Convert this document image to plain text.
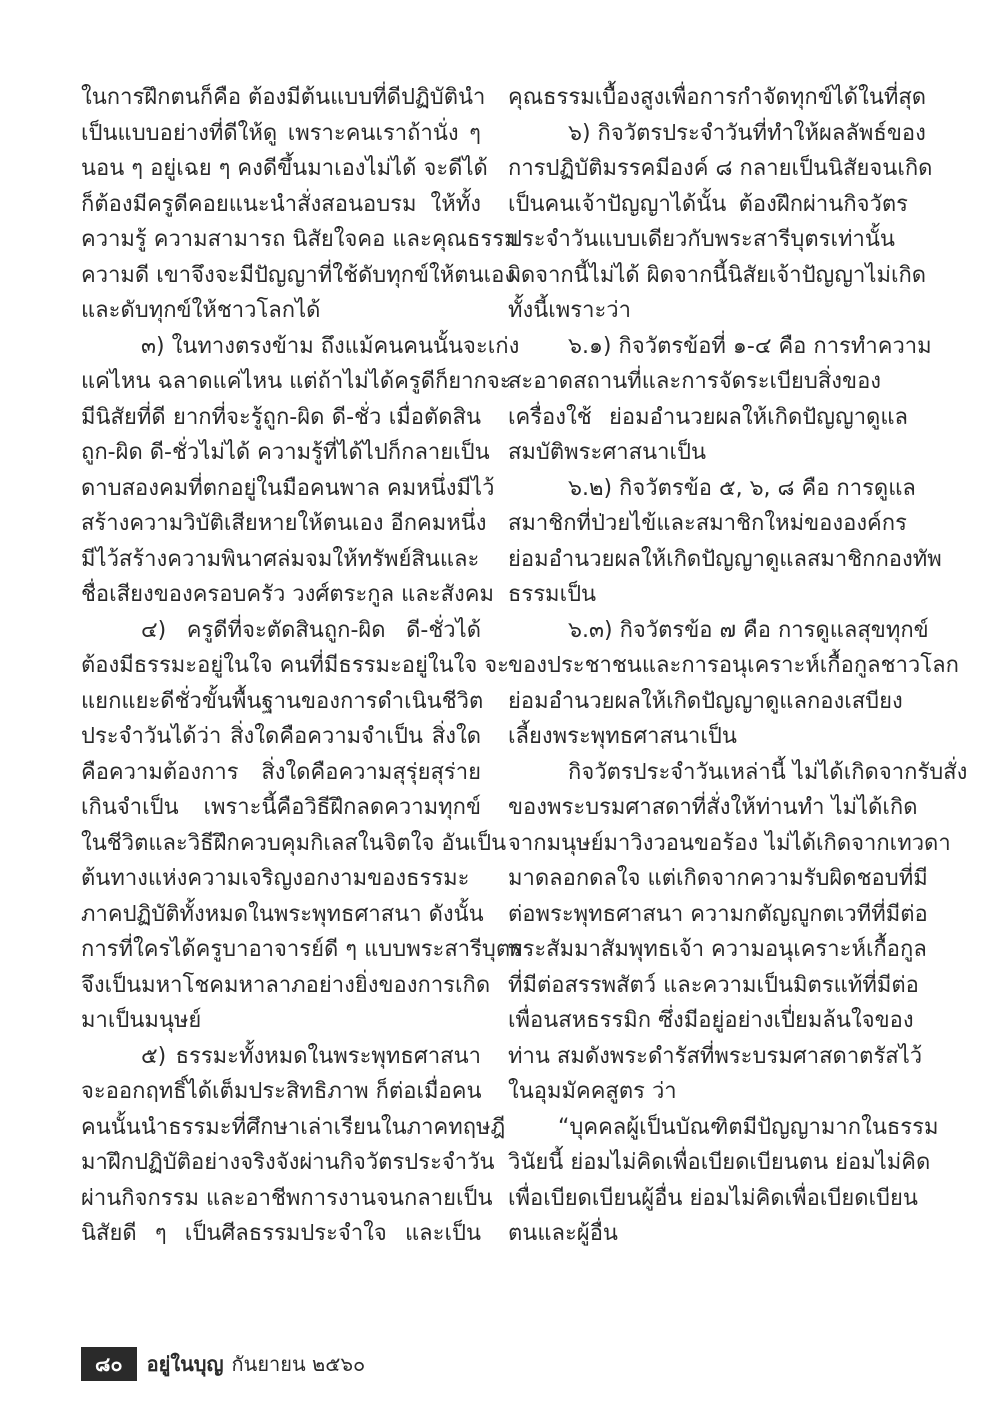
ในการฝึกตนก็คือ ต้องมีต้นแบบที่ดีปฏิบัตินำ
เป็นแบบอย่างที่ดีให้ดู เพราะคนเราถ้านั่ง ๆ
นอน ๆ อยู่เฉย ๆ คงดีขึ้นมาเองไม่ได้ จะดีได้
ก็ต้องมีครูดีคอยแนะนำสั่งสอนอบรม ให้ทั้ง
ความรู้ ความสามารถ นิสัยใจคอ และคุณธรรม
ความดี เขาจึงจะมีปัญญาที่ใช้ดับทุกข์ให้ตนเอง
และดับทุกข์ให้ชาวโลกได้
๓) ในทางตรงข้าม ถึงแม้คนคนนั้นจะเก่ง
แค่ไหน ฉลาดแค่ไหน แต่ถ้าไม่ได้ครูดีก็ยากจะ
มีนิสัยที่ดี ยากที่จะรู้ถูก-ผิด ดี-ชั่ว เมื่อตัดสิน
ถูก-ผิด ดี-ชั่วไม่ได้ ความรู้ที่ได้ไปก็กลายเป็น
ดาบสองคมที่ตกอยู่ในมือคนพาล คมหนึ่งมีไว้
สร้างความวิบัติเสียหายให้ตนเอง อีกคมหนึ่ง
มีไว้สร้างความพินาศล่มจมให้ทรัพย์สินและ
ชื่อเสียงของครอบครัว วงศ์ตระกูล และสังคม
๔) ครูดีที่จะตัดสินถูก-ผิด ดี-ชั่วได้
ต้องมีธรรมะอยู่ในใจ คนที่มีธรรมะอยู่ในใจ จะ
แยกแยะดีชั่วขั้นพื้นฐานของการดำเนินชีวิต
ประจำวันได้ว่า สิ่งใดคือความจำเป็น สิ่งใด
คือความต้องการ สิ่งใดคือความสุรุ่ยสุร่าย
เกินจำเป็น เพราะนี้คือวิธีฝึกลดความทุกข์
ในชีวิตและวิธีฝึกควบคุมกิเลสในจิตใจ อันเป็น
ต้นทางแห่งความเจริญงอกงามของธรรมะ
ภาคปฏิบัติทั้งหมดในพระพุทธศาสนา ดังนั้น
การที่ใครได้ครูบาอาจารย์ดี ๆ แบบพระสารีบุตร
จึงเป็นมหาโชคมหาลาภอย่างยิ่งของการเกิด
มาเป็นมนุษย์
๕) ธรรมะทั้งหมดในพระพุทธศาสนา
จะออกฤทธิ์ได้เต็มประสิทธิภาพ ก็ต่อเมื่อคน
คนนั้นนำธรรมะที่ศึกษาเล่าเรียนในภาคทฤษฎี
มาฝึกปฏิบัติอย่างจริงจังผ่านกิจวัตรประจำวัน
ผ่านกิจกรรม และอาชีพการงานจนกลายเป็น
นิสัยดี ๆ เป็นศีลธรรมประจำใจ และเป็น
คุณธรรมเบื้องสูงเพื่อการกำจัดทุกข์ได้ในที่สุด
๖) กิจวัตรประจำวันที่ทำให้ผลลัพธ์ของ
การปฏิบัติมรรคมีองค์ ๘ กลายเป็นนิสัยจนเกิด
เป็นคนเจ้าปัญญาได้นั้น ต้องฝึกผ่านกิจวัตร
ประจำวันแบบเดียวกับพระสารีบุตรเท่านั้น
ผิดจากนี้ไม่ได้ ผิดจากนี้นิสัยเจ้าปัญญาไม่เกิด
ทั้งนี้เพราะว่า
๖.๑) กิจวัตรข้อที่ ๑-๔ คือ การทำความ
สะอาดสถานที่และการจัดระเบียบสิ่งของ
เครื่องใช้ ย่อมอำนวยผลให้เกิดปัญญาดูแล
สมบัติพระศาสนาเป็น
๖.๒) กิจวัตรข้อ ๕, ๖, ๘ คือ การดูแล
สมาชิกที่ป่วยไข้และสมาชิกใหม่ขององค์กร
ย่อมอำนวยผลให้เกิดปัญญาดูแลสมาชิกกองทัพ
ธรรมเป็น
๖.๓) กิจวัตรข้อ ๗ คือ การดูแลสุขทุกข์
ของประชาชนและการอนุเคราะห์เกื้อกูลชาวโลก
ย่อมอำนวยผลให้เกิดปัญญาดูแลกองเสบียง
เลี้ยงพระพุทธศาสนาเป็น
กิจวัตรประจำวันเหล่านี้ ไม่ได้เกิดจากรับสั่ง
ของพระบรมศาสดาที่สั่งให้ท่านทำ ไม่ได้เกิด
จากมนุษย์มาวิงวอนขอร้อง ไม่ได้เกิดจากเทวดา
มาดลอกดลใจ แต่เกิดจากความรับผิดชอบที่มี
ต่อพระพุทธศาสนา ความกตัญญูกตเวทีที่มีต่อ
พระสัมมาสัมพุทธเจ้า ความอนุเคราะห์เกื้อกูล
ที่มีต่อสรรพสัตว์ และความเป็นมิตรแท้ที่มีต่อ
เพื่อนสหธรรมิก ซึ่งมีอยู่อย่างเปี่ยมล้นใจของ
ท่าน สมดังพระดำรัสที่พระบรมศาสดาตรัสไว้
ในอุมมัคคสูตร ว่า
“บุคคลผู้เป็นบัณฑิตมีปัญญามากในธรรม
วินัยนี้ ย่อมไม่คิดเพื่อเบียดเบียนตน ย่อมไม่คิด
เพื่อเบียดเบียนผู้อื่น ย่อมไม่คิดเพื่อเบียดเบียน
ตนและผู้อื่น
๘๐	อยู่ในบุญ กันยายน ๒๕๖๐
